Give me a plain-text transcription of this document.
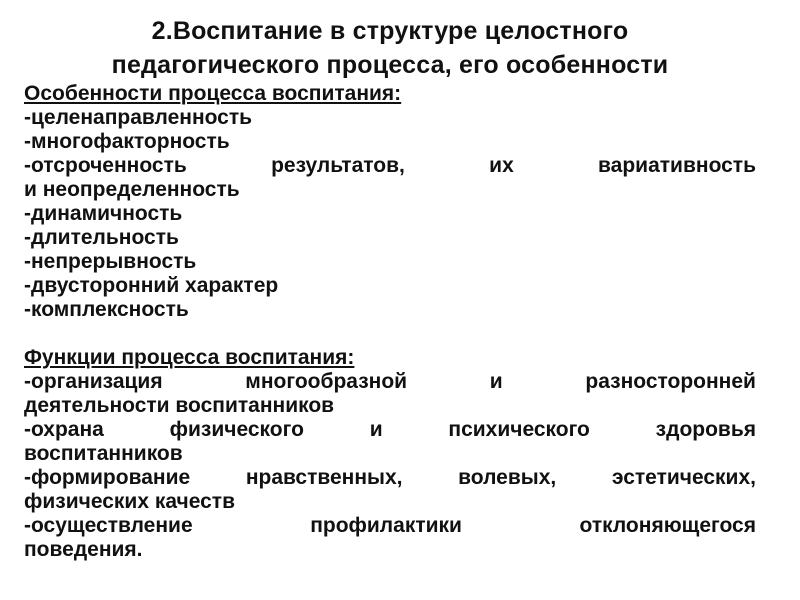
2.Воспитание в структуре целостного
педагогического процесса, его особенности
Особенности процесса воспитания:
-целенаправленность
-многофакторность
-отсроченность	результатов,	их	вариативность
и неопределенность
-динамичность
-длительность
-непрерывность
-двусторонний характер
-комплексность
Функции процесса воспитания:
-организация	многообразной	и	разносторонней
деятельности воспитанников
-охрана	физического	и	психического	здоровья
воспитанников
-формирование	нравственных,	волевых,	эстетических,
физических качеств
-осуществление	профилактики	отклоняющегося
поведения.
